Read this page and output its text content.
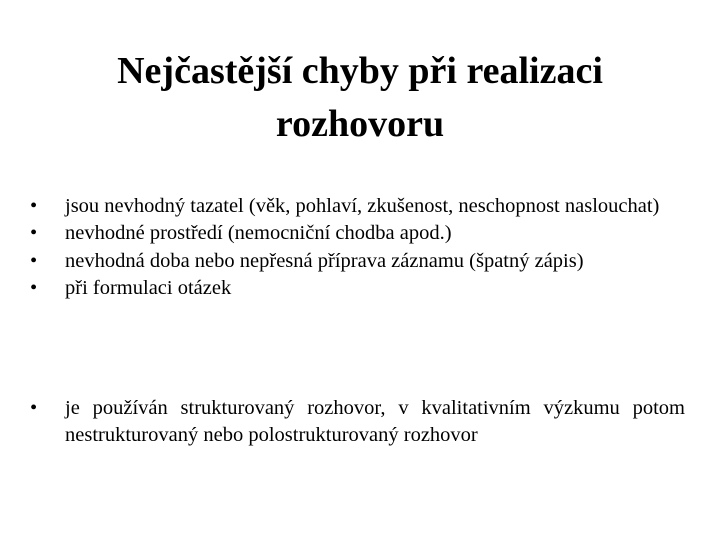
Nejčastější chyby při realizaci
rozhovoru
•	jsou nevhodný tazatel (věk, pohlaví, zkušenost, neschopnost naslouchat)
•	nevhodné prostředí (nemocniční chodba apod.)
•	nevhodná doba nebo nepřesná příprava záznamu (špatný zápis)
•	při formulaci otázek
•	je používán strukturovaný rozhovor, v kvalitativním výzkumu potom nestrukturovaný nebo polostrukturovaný rozhovor
